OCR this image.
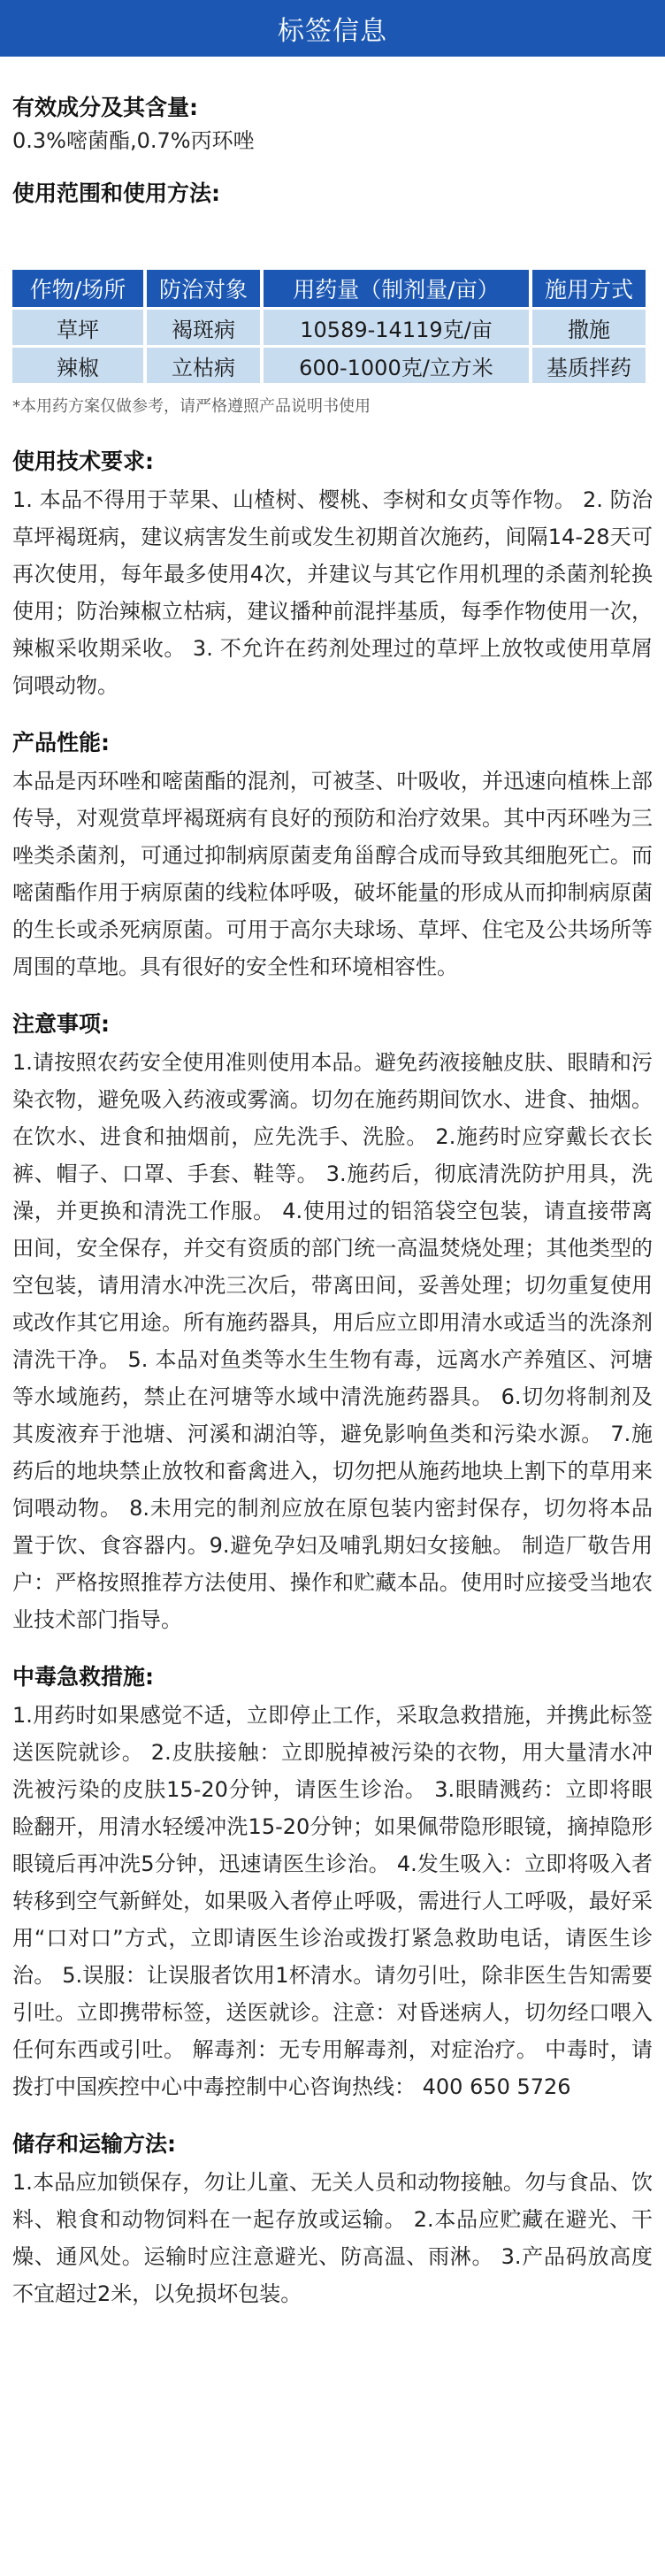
标签信息

有效成分及其含量:

0.3%嘧菌酯,0.7%丙环唑

使用范围和使用方法:

作物/场所	防治对象	用药量（制剂量/亩）	施用方式
草坪	褐斑病	10589-14119克/亩	撒施
辣椒	立枯病	600-1000克/立方米	基质拌药

*本用药方案仅做参考，请严格遵照产品说明书使用

使用技术要求:

1. 本品不得用于苹果、山楂树、樱桃、李树和女贞等作物。 2. 防治草坪褐斑病，建议病害发生前或发生初期首次施药，间隔14-28天可再次使用，每年最多使用4次，并建议与其它作用机理的杀菌剂轮换使用；防治辣椒立枯病，建议播种前混拌基质，每季作物使用一次，辣椒采收期采收。 3. 不允许在药剂处理过的草坪上放牧或使用草屑饲喂动物。

产品性能:

本品是丙环唑和嘧菌酯的混剂，可被茎、叶吸收，并迅速向植株上部传导，对观赏草坪褐斑病有良好的预防和治疗效果。其中丙环唑为三唑类杀菌剂，可通过抑制病原菌麦角甾醇合成而导致其细胞死亡。而嘧菌酯作用于病原菌的线粒体呼吸，破坏能量的形成从而抑制病原菌的生长或杀死病原菌。可用于高尔夫球场、草坪、住宅及公共场所等周围的草地。具有很好的安全性和环境相容性。

注意事项:

1.请按照农药安全使用准则使用本品。避免药液接触皮肤、眼睛和污染衣物，避免吸入药液或雾滴。切勿在施药期间饮水、进食、抽烟。在饮水、进食和抽烟前，应先洗手、洗脸。 2.施药时应穿戴长衣长裤、帽子、口罩、手套、鞋等。 3.施药后，彻底清洗防护用具，洗澡，并更换和清洗工作服。 4.使用过的铝箔袋空包装，请直接带离田间，安全保存，并交有资质的部门统一高温焚烧处理；其他类型的空包装，请用清水冲洗三次后，带离田间，妥善处理；切勿重复使用或改作其它用途。所有施药器具，用后应立即用清水或适当的洗涤剂清洗干净。 5. 本品对鱼类等水生生物有毒，远离水产养殖区、河塘等水域施药，禁止在河塘等水域中清洗施药器具。 6.切勿将制剂及其废液弃于池塘、河溪和湖泊等，避免影响鱼类和污染水源。 7.施药后的地块禁止放牧和畜禽进入，切勿把从施药地块上割下的草用来饲喂动物。 8.未用完的制剂应放在原包装内密封保存，切勿将本品置于饮、食容器内。9.避免孕妇及哺乳期妇女接触。 制造厂敬告用户：严格按照推荐方法使用、操作和贮藏本品。使用时应接受当地农业技术部门指导。

中毒急救措施:

1.用药时如果感觉不适，立即停止工作，采取急救措施，并携此标签送医院就诊。 2.皮肤接触：立即脱掉被污染的衣物，用大量清水冲洗被污染的皮肤15-20分钟，请医生诊治。 3.眼睛溅药：立即将眼睑翻开，用清水轻缓冲洗15-20分钟；如果佩带隐形眼镜，摘掉隐形眼镜后再冲洗5分钟，迅速请医生诊治。 4.发生吸入：立即将吸入者转移到空气新鲜处，如果吸入者停止呼吸，需进行人工呼吸，最好采用“口对口”方式，立即请医生诊治或拨打紧急救助电话，请医生诊治。 5.误服：让误服者饮用1杯清水。请勿引吐，除非医生告知需要引吐。立即携带标签，送医就诊。注意：对昏迷病人，切勿经口喂入任何东西或引吐。 解毒剂：无专用解毒剂，对症治疗。 中毒时，请拨打中国疾控中心中毒控制中心咨询热线： 400 650 5726

储存和运输方法:

1.本品应加锁保存，勿让儿童、无关人员和动物接触。勿与食品、饮料、粮食和动物饲料在一起存放或运输。 2.本品应贮藏在避光、干燥、通风处。运输时应注意避光、防高温、雨淋。 3.产品码放高度不宜超过2米，以免损坏包装。
